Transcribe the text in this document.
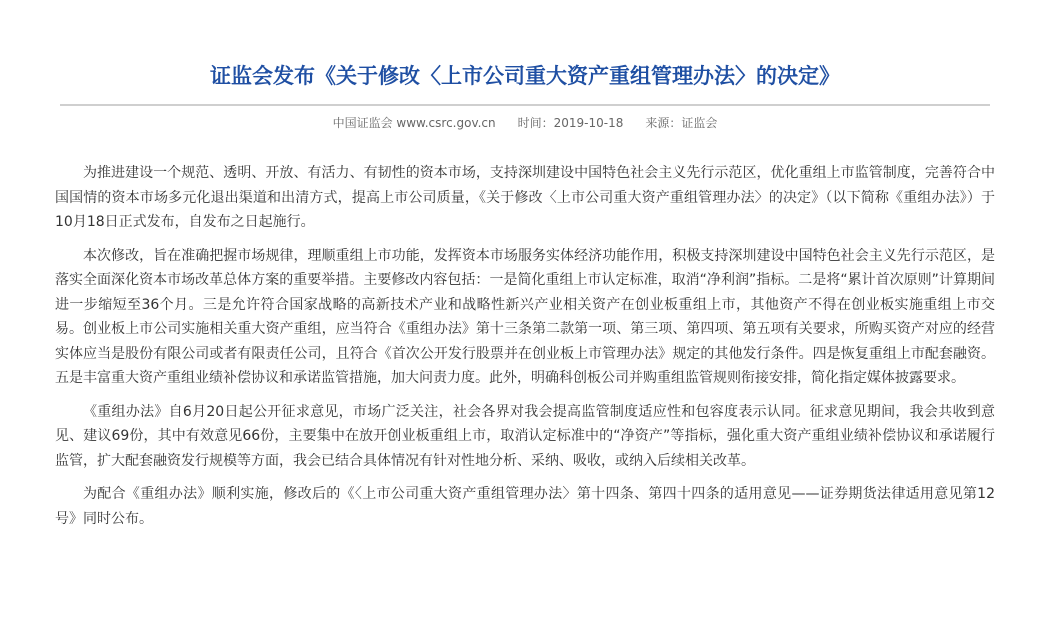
证监会发布《关于修改〈上市公司重大资产重组管理办法〉的决定》
中国证监会 www.csrc.gov.cn 时间：2019-10-18 来源：证监会

为推进建设一个规范、透明、开放、有活力、有韧性的资本市场，支持深圳建设中国特色社会主义先行示范区，优化重组上市监管制度，完善符合中国国情的资本市场多元化退出渠道和出清方式，提高上市公司质量，《关于修改〈上市公司重大资产重组管理办法〉的决定》（以下简称《重组办法》）于10月18日正式发布，自发布之日起施行。

本次修改，旨在准确把握市场规律，理顺重组上市功能，发挥资本市场服务实体经济功能作用，积极支持深圳建设中国特色社会主义先行示范区，是落实全面深化资本市场改革总体方案的重要举措。主要修改内容包括：一是简化重组上市认定标准，取消“净利润”指标。二是将“累计首次原则”计算期间进一步缩短至36个月。三是允许符合国家战略的高新技术产业和战略性新兴产业相关资产在创业板重组上市，其他资产不得在创业板实施重组上市交易。创业板上市公司实施相关重大资产重组，应当符合《重组办法》第十三条第二款第一项、第三项、第四项、第五项有关要求，所购买资产对应的经营实体应当是股份有限公司或者有限责任公司，且符合《首次公开发行股票并在创业板上市管理办法》规定的其他发行条件。四是恢复重组上市配套融资。五是丰富重大资产重组业绩补偿协议和承诺监管措施，加大问责力度。此外，明确科创板公司并购重组监管规则衔接安排，简化指定媒体披露要求。

《重组办法》自6月20日起公开征求意见，市场广泛关注，社会各界对我会提高监管制度适应性和包容度表示认同。征求意见期间，我会共收到意见、建议69份，其中有效意见66份，主要集中在放开创业板重组上市，取消认定标准中的“净资产”等指标，强化重大资产重组业绩补偿协议和承诺履行监管，扩大配套融资发行规模等方面，我会已结合具体情况有针对性地分析、采纳、吸收，或纳入后续相关改革。

为配合《重组办法》顺利实施，修改后的《〈上市公司重大资产重组管理办法〉第十四条、第四十四条的适用意见——证券期货法律适用意见第12号》同时公布。
